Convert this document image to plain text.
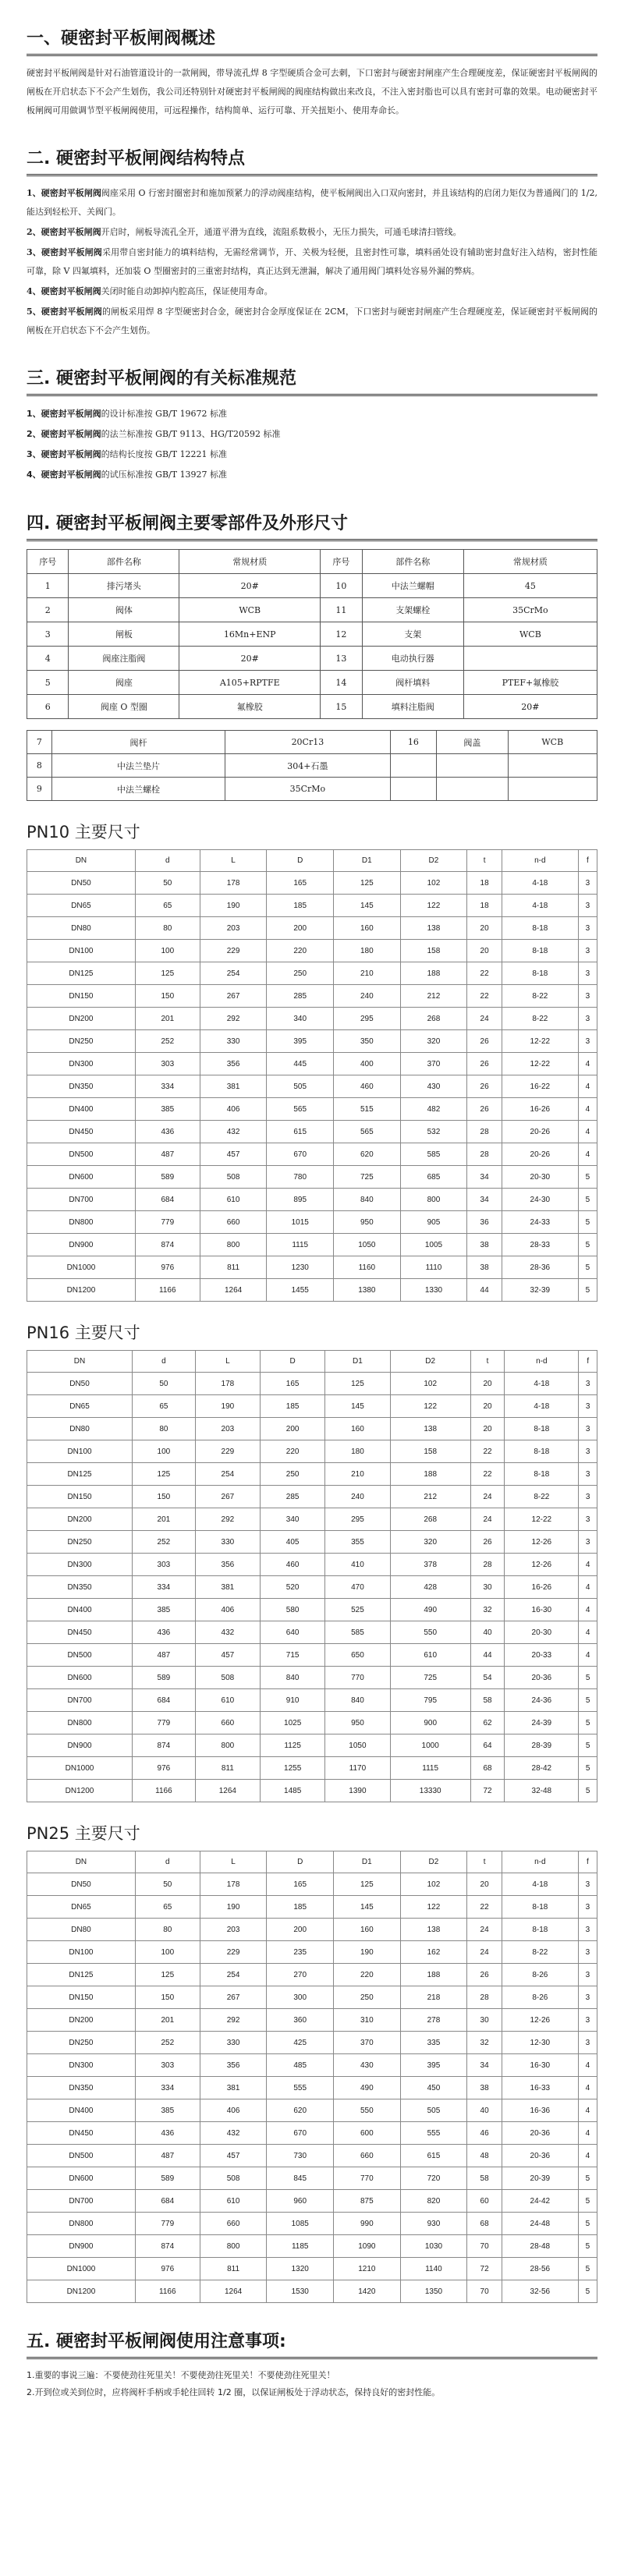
一、硬密封平板闸阀概述

硬密封平板闸阀是针对石油管道设计的一款闸阀，带导流孔焊 8 字型硬质合金可去刺，下口密封与硬密封闸座产生合理硬度差，保证硬密封平板闸阀的闸板在开启状态下不会产生划伤，我公司还特别针对硬密封平板闸阀的阀座结构做出来改良，不注入密封脂也可以具有密封可靠的效果。电动硬密封平板闸阀可用做调节型平板闸阀使用，可远程操作，结构简单、运行可靠、开关扭矩小、使用寿命长。

二. 硬密封平板闸阀结构特点

1、硬密封平板闸阀阀座采用 O 行密封圈密封和施加预紧力的浮动阀座结构，使平板闸阀出入口双向密封，并且该结构的启闭力矩仅为普通阀门的 1/2,能达到轻松开、关阀门。

2、硬密封平板闸阀开启时，闸板导流孔全开，通道平滑为直线，流阻系数极小，无压力损失，可通毛球清扫管线。

3、硬密封平板闸阀采用带自密封能力的填料结构，无需经常调节，开、关极为轻便，且密封性可靠，填料函处设有辅助密封盘好注入结构，密封性能可靠，除 V 四氟填料，还加装 O 型圈密封的三重密封结构，真正达到无泄漏，解决了通用阀门填料处容易外漏的弊病。

4、硬密封平板闸阀关闭时能自动卸掉内腔高压，保证使用寿命。

5、硬密封平板闸阀的闸板采用焊 8 字型硬密封合金，硬密封合金厚度保证在 2CM，下口密封与硬密封闸座产生合理硬度差，保证硬密封平板闸阀的闸板在开启状态下不会产生划伤。

三. 硬密封平板闸阀的有关标准规范

1、硬密封平板闸阀的设计标准按 GB/T 19672 标准

2、硬密封平板闸阀的法兰标准按 GB/T 9113、HG/T20592 标准

3、硬密封平板闸阀的结构长度按 GB/T 12221 标准

4、硬密封平板闸阀的试压标准按 GB/T 13927 标准

四. 硬密封平板闸阀主要零部件及外形尺寸
序号	部件名称	常规材质	序号	部件名称	常规材质
1	排污堵头	20#	10	中法兰螺帽	45
2	阀体	WCB	11	支架螺栓	35CrMo
3	闸板	16Mn+ENP	12	支架	WCB
4	阀座注脂阀	20#	13	电动执行器	
5	阀座	A105+RPTFE	14	阀杆填料	PTEF+氟橡胶
6	阀座 O 型圈	氟橡胶	15	填料注脂阀	20#
7	阀杆	20Cr13	16	阀盖	WCB
8	中法兰垫片	304+石墨			
9	中法兰螺栓	35CrMo			
PN10 主要尺寸
DN	d	L	D	D1	D2	t	n-d	f
DN50	50	178	165	125	102	18	4-18	3
DN65	65	190	185	145	122	18	4-18	3
DN80	80	203	200	160	138	20	8-18	3
DN100	100	229	220	180	158	20	8-18	3
DN125	125	254	250	210	188	22	8-18	3
DN150	150	267	285	240	212	22	8-22	3
DN200	201	292	340	295	268	24	8-22	3
DN250	252	330	395	350	320	26	12-22	3
DN300	303	356	445	400	370	26	12-22	4
DN350	334	381	505	460	430	26	16-22	4
DN400	385	406	565	515	482	26	16-26	4
DN450	436	432	615	565	532	28	20-26	4
DN500	487	457	670	620	585	28	20-26	4
DN600	589	508	780	725	685	34	20-30	5
DN700	684	610	895	840	800	34	24-30	5
DN800	779	660	1015	950	905	36	24-33	5
DN900	874	800	1115	1050	1005	38	28-33	5
DN1000	976	811	1230	1160	1110	38	28-36	5
DN1200	1166	1264	1455	1380	1330	44	32-39	5
PN16 主要尺寸
DN	d	L	D	D1	D2	t	n-d	f
DN50	50	178	165	125	102	20	4-18	3
DN65	65	190	185	145	122	20	4-18	3
DN80	80	203	200	160	138	20	8-18	3
DN100	100	229	220	180	158	22	8-18	3
DN125	125	254	250	210	188	22	8-18	3
DN150	150	267	285	240	212	24	8-22	3
DN200	201	292	340	295	268	24	12-22	3
DN250	252	330	405	355	320	26	12-26	3
DN300	303	356	460	410	378	28	12-26	4
DN350	334	381	520	470	428	30	16-26	4
DN400	385	406	580	525	490	32	16-30	4
DN450	436	432	640	585	550	40	20-30	4
DN500	487	457	715	650	610	44	20-33	4
DN600	589	508	840	770	725	54	20-36	5
DN700	684	610	910	840	795	58	24-36	5
DN800	779	660	1025	950	900	62	24-39	5
DN900	874	800	1125	1050	1000	64	28-39	5
DN1000	976	811	1255	1170	1115	68	28-42	5
DN1200	1166	1264	1485	1390	13330	72	32-48	5
PN25 主要尺寸
DN	d	L	D	D1	D2	t	n-d	f
DN50	50	178	165	125	102	20	4-18	3
DN65	65	190	185	145	122	22	8-18	3
DN80	80	203	200	160	138	24	8-18	3
DN100	100	229	235	190	162	24	8-22	3
DN125	125	254	270	220	188	26	8-26	3
DN150	150	267	300	250	218	28	8-26	3
DN200	201	292	360	310	278	30	12-26	3
DN250	252	330	425	370	335	32	12-30	3
DN300	303	356	485	430	395	34	16-30	4
DN350	334	381	555	490	450	38	16-33	4
DN400	385	406	620	550	505	40	16-36	4
DN450	436	432	670	600	555	46	20-36	4
DN500	487	457	730	660	615	48	20-36	4
DN600	589	508	845	770	720	58	20-39	5
DN700	684	610	960	875	820	60	24-42	5
DN800	779	660	1085	990	930	68	24-48	5
DN900	874	800	1185	1090	1030	70	28-48	5
DN1000	976	811	1320	1210	1140	72	28-56	5
DN1200	1166	1264	1530	1420	1350	70	32-56	5
五. 硬密封平板闸阀使用注意事项:

1.重要的事说三遍：不要使劲往死里关！不要使劲往死里关！不要使劲往死里关！

2.开到位或关到位时，应将阀杆手柄或手轮往回转 1/2 圈，以保证闸板处于浮动状态，保持良好的密封性能。
